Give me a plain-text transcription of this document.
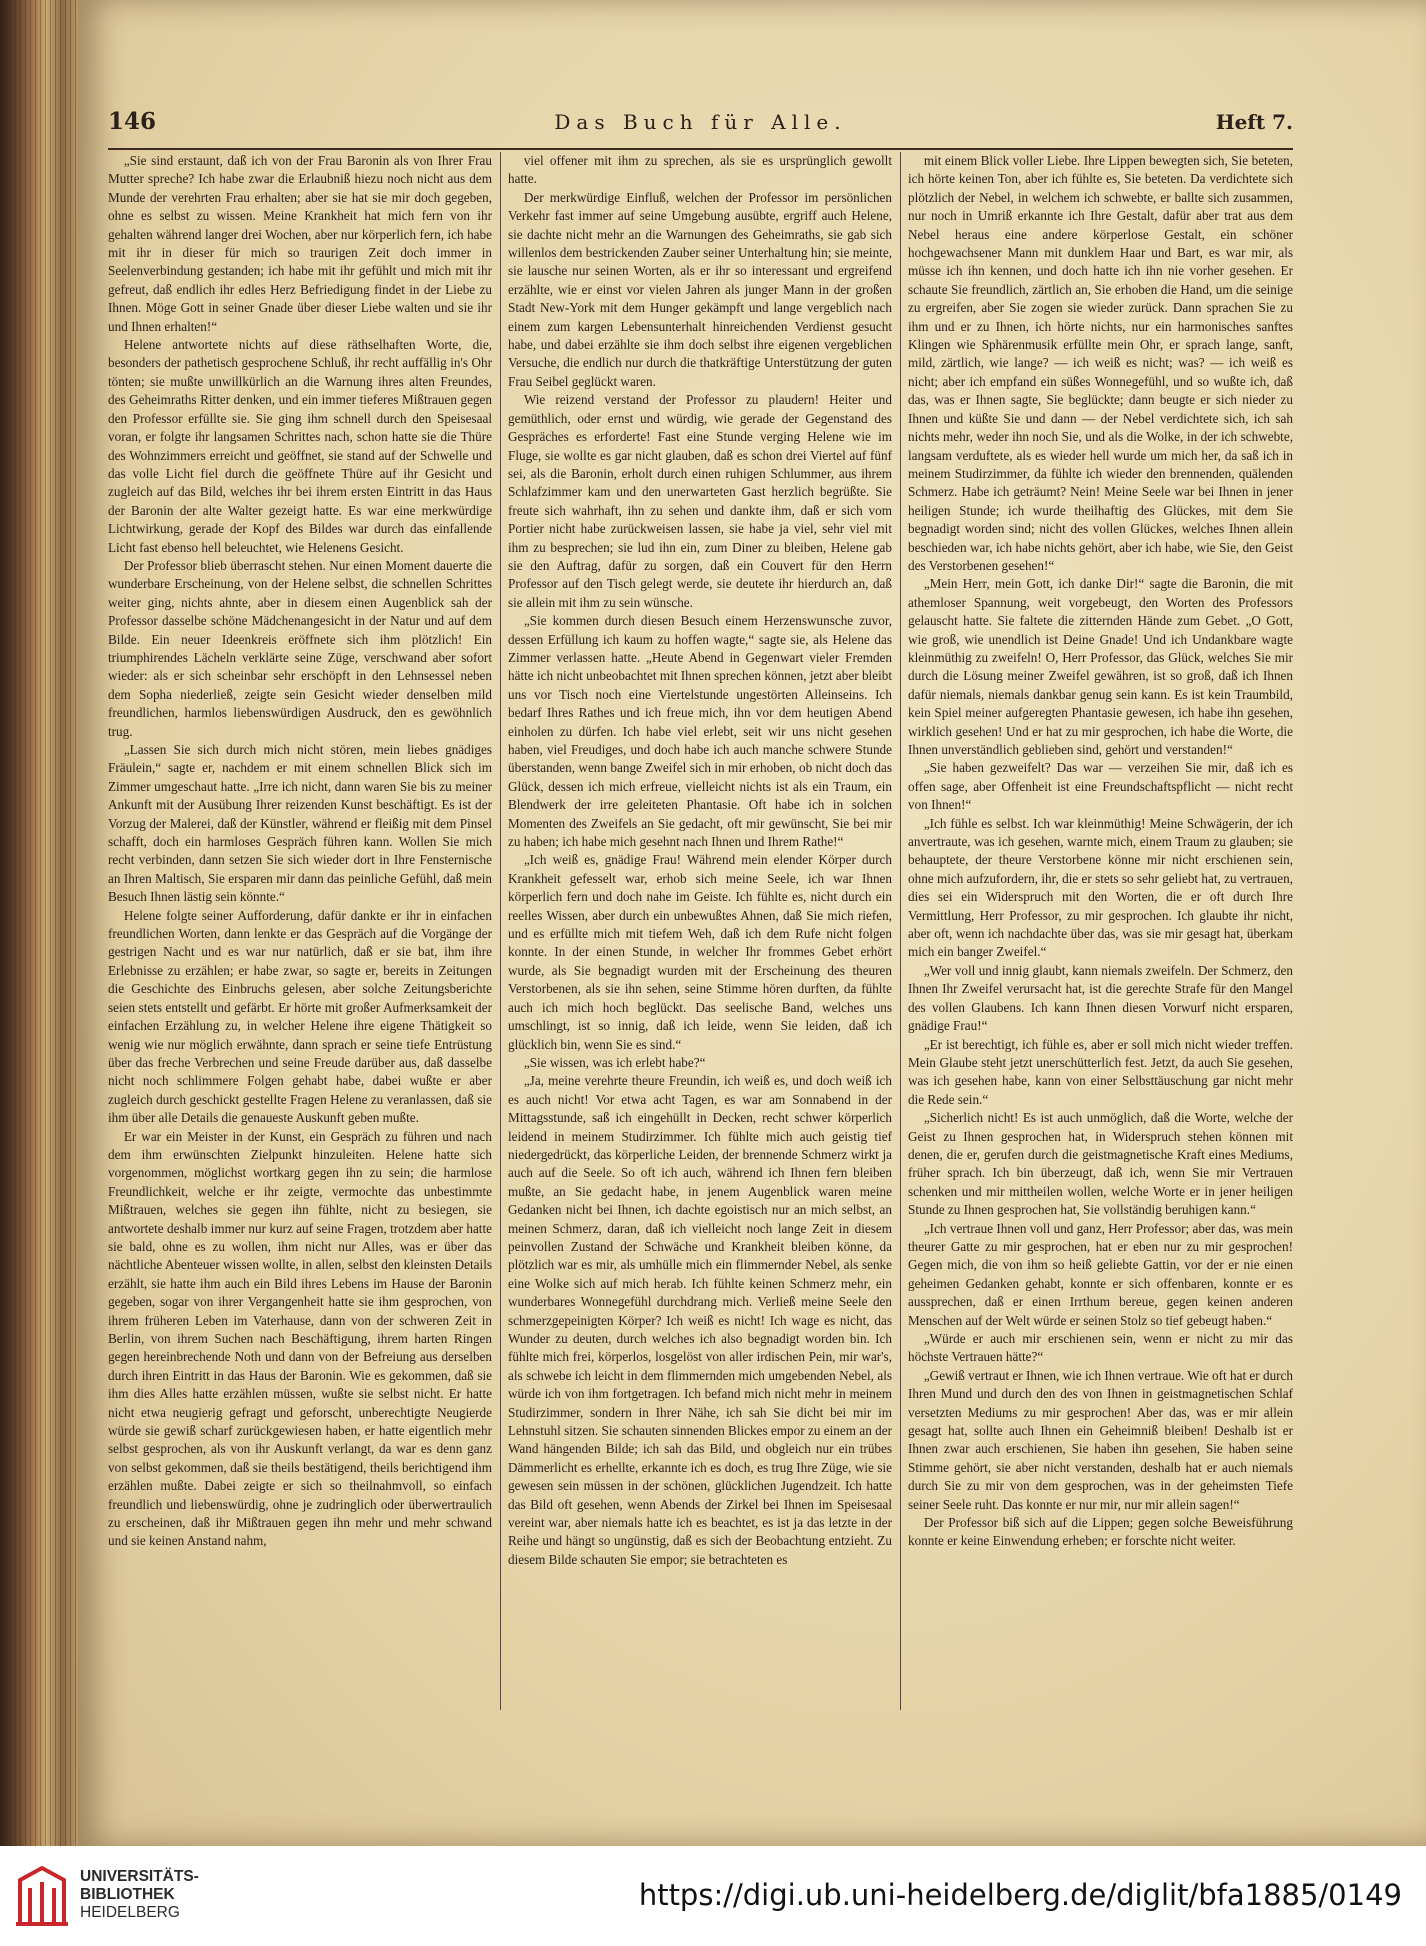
146	Das Buch für Alle.	Heft 7.

„Sie sind erstaunt, daß ich von der Frau Baronin als von Ihrer Frau Mutter spreche? Ich habe zwar die Erlaubniß hiezu noch nicht aus dem Munde der verehrten Frau erhalten; aber sie hat sie mir doch gegeben, ohne es selbst zu wissen. Meine Krankheit hat mich fern von ihr gehalten während langer drei Wochen, aber nur körperlich fern, ich habe mit ihr in dieser für mich so traurigen Zeit doch immer in Seelenverbindung gestanden; ich habe mit ihr gefühlt und mich mit ihr gefreut, daß endlich ihr edles Herz Befriedigung findet in der Liebe zu Ihnen. Möge Gott in seiner Gnade über dieser Liebe walten und sie ihr und Ihnen erhalten!“

Helene antwortete nichts auf diese räthselhaften Worte, die, besonders der pathetisch gesprochene Schluß, ihr recht auffällig in's Ohr tönten; sie mußte unwillkürlich an die Warnung ihres alten Freundes, des Geheimraths Ritter denken, und ein immer tieferes Mißtrauen gegen den Professor erfüllte sie. Sie ging ihm schnell durch den Speisesaal voran, er folgte ihr langsamen Schrittes nach, schon hatte sie die Thüre des Wohnzimmers erreicht und geöffnet, sie stand auf der Schwelle und das volle Licht fiel durch die geöffnete Thüre auf ihr Gesicht und zugleich auf das Bild, welches ihr bei ihrem ersten Eintritt in das Haus der Baronin der alte Walter gezeigt hatte. Es war eine merkwürdige Lichtwirkung, gerade der Kopf des Bildes war durch das einfallende Licht fast ebenso hell beleuchtet, wie Helenens Gesicht.

Der Professor blieb überrascht stehen. Nur einen Moment dauerte die wunderbare Erscheinung, von der Helene selbst, die schnellen Schrittes weiter ging, nichts ahnte, aber in diesem einen Augenblick sah der Professor dasselbe schöne Mädchenangesicht in der Natur und auf dem Bilde. Ein neuer Ideenkreis eröffnete sich ihm plötzlich! Ein triumphirendes Lächeln verklärte seine Züge, verschwand aber sofort wieder: als er sich scheinbar sehr erschöpft in den Lehnsessel neben dem Sopha niederließ, zeigte sein Gesicht wieder denselben mild freundlichen, harmlos liebenswürdigen Ausdruck, den es gewöhnlich trug.

„Lassen Sie sich durch mich nicht stören, mein liebes gnädiges Fräulein,“ sagte er, nachdem er mit einem schnellen Blick sich im Zimmer umgeschaut hatte. „Irre ich nicht, dann waren Sie bis zu meiner Ankunft mit der Ausübung Ihrer reizenden Kunst beschäftigt. Es ist der Vorzug der Malerei, daß der Künstler, während er fleißig mit dem Pinsel schafft, doch ein harmloses Gespräch führen kann. Wollen Sie mich recht verbinden, dann setzen Sie sich wieder dort in Ihre Fensternische an Ihren Maltisch, Sie ersparen mir dann das peinliche Gefühl, daß mein Besuch Ihnen lästig sein könnte.“

Helene folgte seiner Aufforderung, dafür dankte er ihr in einfachen freundlichen Worten, dann lenkte er das Gespräch auf die Vorgänge der gestrigen Nacht und es war nur natürlich, daß er sie bat, ihm ihre Erlebnisse zu erzählen; er habe zwar, so sagte er, bereits in Zeitungen die Geschichte des Einbruchs gelesen, aber solche Zeitungsberichte seien stets entstellt und gefärbt. Er hörte mit großer Aufmerksamkeit der einfachen Erzählung zu, in welcher Helene ihre eigene Thätigkeit so wenig wie nur möglich erwähnte, dann sprach er seine tiefe Entrüstung über das freche Verbrechen und seine Freude darüber aus, daß dasselbe nicht noch schlimmere Folgen gehabt habe, dabei wußte er aber zugleich durch geschickt gestellte Fragen Helene zu veranlassen, daß sie ihm über alle Details die genaueste Auskunft geben mußte.

Er war ein Meister in der Kunst, ein Gespräch zu führen und nach dem ihm erwünschten Zielpunkt hinzuleiten. Helene hatte sich vorgenommen, möglichst wortkarg gegen ihn zu sein; die harmlose Freundlichkeit, welche er ihr zeigte, vermochte das unbestimmte Mißtrauen, welches sie gegen ihn fühlte, nicht zu besiegen, sie antwortete deshalb immer nur kurz auf seine Fragen, trotzdem aber hatte sie bald, ohne es zu wollen, ihm nicht nur Alles, was er über das nächtliche Abenteuer wissen wollte, in allen, selbst den kleinsten Details erzählt, sie hatte ihm auch ein Bild ihres Lebens im Hause der Baronin gegeben, sogar von ihrer Vergangenheit hatte sie ihm gesprochen, von ihrem früheren Leben im Vaterhause, dann von der schweren Zeit in Berlin, von ihrem Suchen nach Beschäftigung, ihrem harten Ringen gegen hereinbrechende Noth und dann von der Befreiung aus derselben durch ihren Eintritt in das Haus der Baronin. Wie es gekommen, daß sie ihm dies Alles hatte erzählen müssen, wußte sie selbst nicht. Er hatte nicht etwa neugierig gefragt und geforscht, unberechtigte Neugierde würde sie gewiß scharf zurückgewiesen haben, er hatte eigentlich mehr selbst gesprochen, als von ihr Auskunft verlangt, da war es denn ganz von selbst gekommen, daß sie theils bestätigend, theils berichtigend ihm erzählen mußte. Dabei zeigte er sich so theilnahmvoll, so einfach freundlich und liebenswürdig, ohne je zudringlich oder überwertraulich zu erscheinen, daß ihr Mißtrauen gegen ihn mehr und mehr schwand und sie keinen Anstand nahm,

viel offener mit ihm zu sprechen, als sie es ursprünglich gewollt hatte.

Der merkwürdige Einfluß, welchen der Professor im persönlichen Verkehr fast immer auf seine Umgebung ausübte, ergriff auch Helene, sie dachte nicht mehr an die Warnungen des Geheimraths, sie gab sich willenlos dem bestrickenden Zauber seiner Unterhaltung hin; sie meinte, sie lausche nur seinen Worten, als er ihr so interessant und ergreifend erzählte, wie er einst vor vielen Jahren als junger Mann in der großen Stadt New-York mit dem Hunger gekämpft und lange vergeblich nach einem zum kargen Lebensunterhalt hinreichenden Verdienst gesucht habe, und dabei erzählte sie ihm doch selbst ihre eigenen vergeblichen Versuche, die endlich nur durch die thatkräftige Unterstützung der guten Frau Seibel geglückt waren.

Wie reizend verstand der Professor zu plaudern! Heiter und gemüthlich, oder ernst und würdig, wie gerade der Gegenstand des Gespräches es erforderte! Fast eine Stunde verging Helene wie im Fluge, sie wollte es gar nicht glauben, daß es schon drei Viertel auf fünf sei, als die Baronin, erholt durch einen ruhigen Schlummer, aus ihrem Schlafzimmer kam und den unerwarteten Gast herzlich begrüßte. Sie freute sich wahrhaft, ihn zu sehen und dankte ihm, daß er sich vom Portier nicht habe zurückweisen lassen, sie habe ja viel, sehr viel mit ihm zu besprechen; sie lud ihn ein, zum Diner zu bleiben, Helene gab sie den Auftrag, dafür zu sorgen, daß ein Couvert für den Herrn Professor auf den Tisch gelegt werde, sie deutete ihr hierdurch an, daß sie allein mit ihm zu sein wünsche.

„Sie kommen durch diesen Besuch einem Herzenswunsche zuvor, dessen Erfüllung ich kaum zu hoffen wagte,“ sagte sie, als Helene das Zimmer verlassen hatte. „Heute Abend in Gegenwart vieler Fremden hätte ich nicht unbeobachtet mit Ihnen sprechen können, jetzt aber bleibt uns vor Tisch noch eine Viertelstunde ungestörten Alleinseins. Ich bedarf Ihres Rathes und ich freue mich, ihn vor dem heutigen Abend einholen zu dürfen. Ich habe viel erlebt, seit wir uns nicht gesehen haben, viel Freudiges, und doch habe ich auch manche schwere Stunde überstanden, wenn bange Zweifel sich in mir erhoben, ob nicht doch das Glück, dessen ich mich erfreue, vielleicht nichts ist als ein Traum, ein Blendwerk der irre geleiteten Phantasie. Oft habe ich in solchen Momenten des Zweifels an Sie gedacht, oft mir gewünscht, Sie bei mir zu haben; ich habe mich gesehnt nach Ihnen und Ihrem Rathe!“

„Ich weiß es, gnädige Frau! Während mein elender Körper durch Krankheit gefesselt war, erhob sich meine Seele, ich war Ihnen körperlich fern und doch nahe im Geiste. Ich fühlte es, nicht durch ein reelles Wissen, aber durch ein unbewußtes Ahnen, daß Sie mich riefen, und es erfüllte mich mit tiefem Weh, daß ich dem Rufe nicht folgen konnte. In der einen Stunde, in welcher Ihr frommes Gebet erhört wurde, als Sie begnadigt wurden mit der Erscheinung des theuren Verstorbenen, als sie ihn sehen, seine Stimme hören durften, da fühlte auch ich mich hoch beglückt. Das seelische Band, welches uns umschlingt, ist so innig, daß ich leide, wenn Sie leiden, daß ich glücklich bin, wenn Sie es sind.“

„Sie wissen, was ich erlebt habe?“

„Ja, meine verehrte theure Freundin, ich weiß es, und doch weiß ich es auch nicht! Vor etwa acht Tagen, es war am Sonnabend in der Mittagsstunde, saß ich eingehüllt in Decken, recht schwer körperlich leidend in meinem Studirzimmer. Ich fühlte mich auch geistig tief niedergedrückt, das körperliche Leiden, der brennende Schmerz wirkt ja auch auf die Seele. So oft ich auch, während ich Ihnen fern bleiben mußte, an Sie gedacht habe, in jenem Augenblick waren meine Gedanken nicht bei Ihnen, ich dachte egoistisch nur an mich selbst, an meinen Schmerz, daran, daß ich vielleicht noch lange Zeit in diesem peinvollen Zustand der Schwäche und Krankheit bleiben könne, da plötzlich war es mir, als umhülle mich ein flimmernder Nebel, als senke eine Wolke sich auf mich herab. Ich fühlte keinen Schmerz mehr, ein wunderbares Wonnegefühl durchdrang mich. Verließ meine Seele den schmerzgepeinigten Körper? Ich weiß es nicht! Ich wage es nicht, das Wunder zu deuten, durch welches ich also begnadigt worden bin. Ich fühlte mich frei, körperlos, losgelöst von aller irdischen Pein, mir war's, als schwebe ich leicht in dem flimmernden mich umgebenden Nebel, als würde ich von ihm fortgetragen. Ich befand mich nicht mehr in meinem Studirzimmer, sondern in Ihrer Nähe, ich sah Sie dicht bei mir im Lehnstuhl sitzen. Sie schauten sinnenden Blickes empor zu einem an der Wand hängenden Bilde; ich sah das Bild, und obgleich nur ein trübes Dämmerlicht es erhellte, erkannte ich es doch, es trug Ihre Züge, wie sie gewesen sein müssen in der schönen, glücklichen Jugendzeit. Ich hatte das Bild oft gesehen, wenn Abends der Zirkel bei Ihnen im Speisesaal vereint war, aber niemals hatte ich es beachtet, es ist ja das letzte in der Reihe und hängt so ungünstig, daß es sich der Beobachtung entzieht. Zu diesem Bilde schauten Sie empor; sie betrachteten es

mit einem Blick voller Liebe. Ihre Lippen bewegten sich, Sie beteten, ich hörte keinen Ton, aber ich fühlte es, Sie beteten. Da verdichtete sich plötzlich der Nebel, in welchem ich schwebte, er ballte sich zusammen, nur noch in Umriß erkannte ich Ihre Gestalt, dafür aber trat aus dem Nebel heraus eine andere körperlose Gestalt, ein schöner hochgewachsener Mann mit dunklem Haar und Bart, es war mir, als müsse ich ihn kennen, und doch hatte ich ihn nie vorher gesehen. Er schaute Sie freundlich, zärtlich an, Sie erhoben die Hand, um die seinige zu ergreifen, aber Sie zogen sie wieder zurück. Dann sprachen Sie zu ihm und er zu Ihnen, ich hörte nichts, nur ein harmonisches sanftes Klingen wie Sphärenmusik erfüllte mein Ohr, er sprach lange, sanft, mild, zärtlich, wie lange? — ich weiß es nicht; was? — ich weiß es nicht; aber ich empfand ein süßes Wonnegefühl, und so wußte ich, daß das, was er Ihnen sagte, Sie beglückte; dann beugte er sich nieder zu Ihnen und küßte Sie und dann — der Nebel verdichtete sich, ich sah nichts mehr, weder ihn noch Sie, und als die Wolke, in der ich schwebte, langsam verduftete, als es wieder hell wurde um mich her, da saß ich in meinem Studirzimmer, da fühlte ich wieder den brennenden, quälenden Schmerz. Habe ich geträumt? Nein! Meine Seele war bei Ihnen in jener heiligen Stunde; ich wurde theilhaftig des Glückes, mit dem Sie begnadigt worden sind; nicht des vollen Glückes, welches Ihnen allein beschieden war, ich habe nichts gehört, aber ich habe, wie Sie, den Geist des Verstorbenen gesehen!“

„Mein Herr, mein Gott, ich danke Dir!“ sagte die Baronin, die mit athemloser Spannung, weit vorgebeugt, den Worten des Professors gelauscht hatte. Sie faltete die zitternden Hände zum Gebet. „O Gott, wie groß, wie unendlich ist Deine Gnade! Und ich Undankbare wagte kleinmüthig zu zweifeln! O, Herr Professor, das Glück, welches Sie mir durch die Lösung meiner Zweifel gewähren, ist so groß, daß ich Ihnen dafür niemals, niemals dankbar genug sein kann. Es ist kein Traumbild, kein Spiel meiner aufgeregten Phantasie gewesen, ich habe ihn gesehen, wirklich gesehen! Und er hat zu mir gesprochen, ich habe die Worte, die Ihnen unverständlich geblieben sind, gehört und verstanden!“

„Sie haben gezweifelt? Das war — verzeihen Sie mir, daß ich es offen sage, aber Offenheit ist eine Freundschaftspflicht — nicht recht von Ihnen!“

„Ich fühle es selbst. Ich war kleinmüthig! Meine Schwägerin, der ich anvertraute, was ich gesehen, warnte mich, einem Traum zu glauben; sie behauptete, der theure Verstorbene könne mir nicht erschienen sein, ohne mich aufzufordern, ihr, die er stets so sehr geliebt hat, zu vertrauen, dies sei ein Widerspruch mit den Worten, die er oft durch Ihre Vermittlung, Herr Professor, zu mir gesprochen. Ich glaubte ihr nicht, aber oft, wenn ich nachdachte über das, was sie mir gesagt hat, überkam mich ein banger Zweifel.“

„Wer voll und innig glaubt, kann niemals zweifeln. Der Schmerz, den Ihnen Ihr Zweifel verursacht hat, ist die gerechte Strafe für den Mangel des vollen Glaubens. Ich kann Ihnen diesen Vorwurf nicht ersparen, gnädige Frau!“

„Er ist berechtigt, ich fühle es, aber er soll mich nicht wieder treffen. Mein Glaube steht jetzt unerschütterlich fest. Jetzt, da auch Sie gesehen, was ich gesehen habe, kann von einer Selbsttäuschung gar nicht mehr die Rede sein.“

„Sicherlich nicht! Es ist auch unmöglich, daß die Worte, welche der Geist zu Ihnen gesprochen hat, in Widerspruch stehen können mit denen, die er, gerufen durch die geistmagnetische Kraft eines Mediums, früher sprach. Ich bin überzeugt, daß ich, wenn Sie mir Vertrauen schenken und mir mittheilen wollen, welche Worte er in jener heiligen Stunde zu Ihnen gesprochen hat, Sie vollständig beruhigen kann.“

„Ich vertraue Ihnen voll und ganz, Herr Professor; aber das, was mein theurer Gatte zu mir gesprochen, hat er eben nur zu mir gesprochen! Gegen mich, die von ihm so heiß geliebte Gattin, vor der er nie einen geheimen Gedanken gehabt, konnte er sich offenbaren, konnte er es aussprechen, daß er einen Irrthum bereue, gegen keinen anderen Menschen auf der Welt würde er seinen Stolz so tief gebeugt haben.“

„Würde er auch mir erschienen sein, wenn er nicht zu mir das höchste Vertrauen hätte?“

„Gewiß vertraut er Ihnen, wie ich Ihnen vertraue. Wie oft hat er durch Ihren Mund und durch den des von Ihnen in geistmagnetischen Schlaf versetzten Mediums zu mir gesprochen! Aber das, was er mir allein gesagt hat, sollte auch Ihnen ein Geheimniß bleiben! Deshalb ist er Ihnen zwar auch erschienen, Sie haben ihn gesehen, Sie haben seine Stimme gehört, sie aber nicht verstanden, deshalb hat er auch niemals durch Sie zu mir von dem gesprochen, was in der geheimsten Tiefe seiner Seele ruht. Das konnte er nur mir, nur mir allein sagen!“

Der Professor biß sich auf die Lippen; gegen solche Beweisführung konnte er keine Einwendung erheben; er forschte nicht weiter.

UNIVERSITÄTS-
BIBLIOTHEK
HEIDELBERG
https://digi.ub.uni-heidelberg.de/diglit/bfa1885/0149
